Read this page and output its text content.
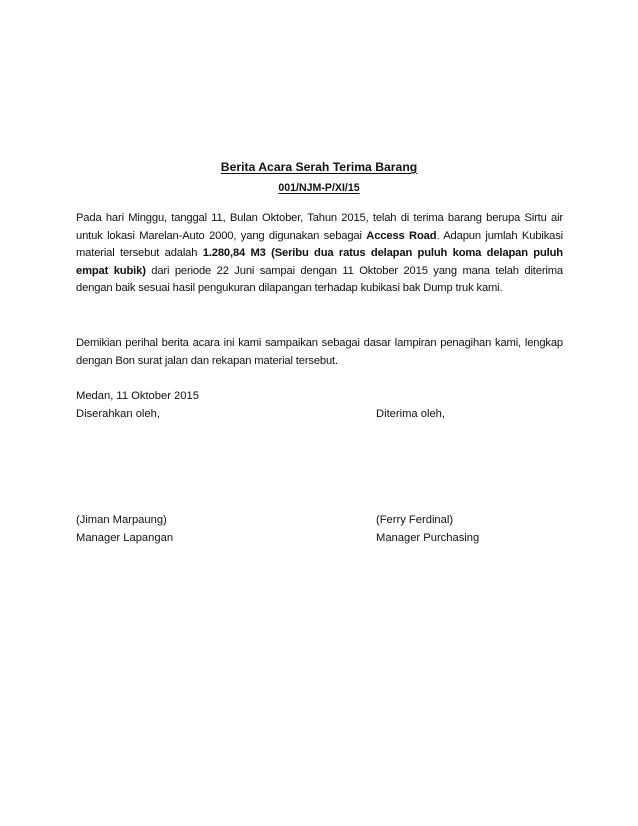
Berita Acara Serah Terima Barang
001/NJM-P/XI/15
Pada hari Minggu, tanggal 11, Bulan Oktober, Tahun 2015, telah di terima barang berupa Sirtu air untuk lokasi Marelan-Auto 2000, yang digunakan sebagai Access Road. Adapun jumlah Kubikasi material tersebut adalah 1.280,84 M3 (Seribu dua ratus delapan puluh koma delapan puluh empat kubik) dari periode 22 Juni sampai dengan 11 Oktober 2015 yang mana telah diterima dengan baik sesuai hasil pengukuran dilapangan terhadap kubikasi bak Dump truk kami.
Demikian perihal berita acara ini kami sampaikan sebagai dasar lampiran penagihan kami, lengkap dengan Bon surat jalan dan rekapan material tersebut.
Medan, 11 Oktober 2015
Diserahkan oleh,	Diterima oleh,
(Jiman Marpaung)
Manager Lapangan
(Ferry Ferdinal)
Manager Purchasing
